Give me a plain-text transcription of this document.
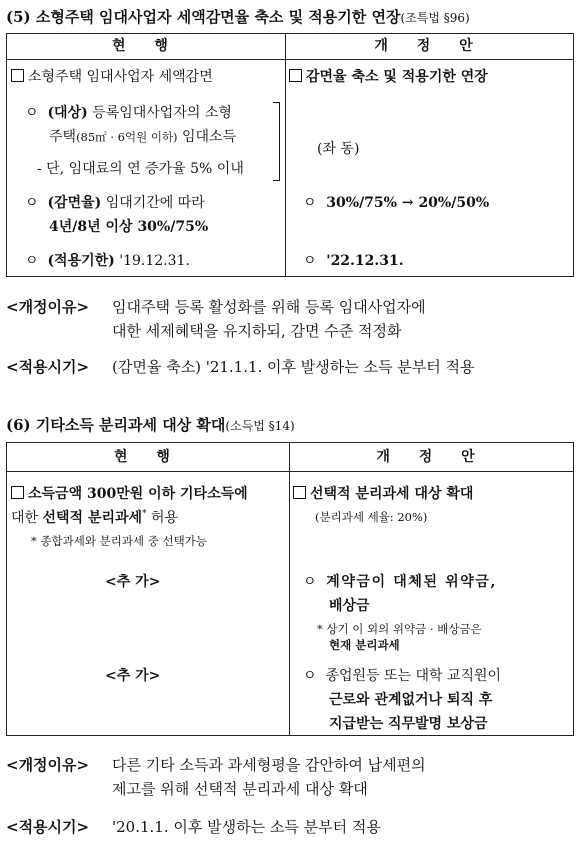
(5) 소형주택 임대사업자 세액감면율 축소 및 적용기한 연장(조특법 §96)
현 행	개 정 안
소형주택 임대사업자 세액감면
ㅇ (대상) 등록임대사업자의 소형
주택(85㎡ · 6억원 이하) 임대소득
- 단, 임대료의 연 증가율 5% 이내
ㅇ (감면율) 임대기간에 따라
4년/8년 이상 30%/75%
ㅇ (적용기한) '19.12.31.
감면율 축소 및 적용기한 연장
(좌 동)
ㅇ 30%/75% → 20%/50%
ㅇ '22.12.31.
<개정이유> 임대주택 등록 활성화를 위해 등록 임대사업자에
대한 세제혜택을 유지하되, 감면 수준 적정화
<적용시기> (감면율 축소) '21.1.1. 이후 발생하는 소득 분부터 적용
(6) 기타소득 분리과세 대상 확대(소득법 §14)
현 행	개 정 안
소득금액 300만원 이하 기타소득에
대한 선택적 분리과세* 허용
* 종합과세와 분리과세 중 선택가능
<추 가>
<추 가>
선택적 분리과세 대상 확대
(분리과세 세율: 20%)
ㅇ 계약금이 대체된 위약금,
배상금
* 상기 이 외의 위약금 · 배상금은
현재 분리과세
ㅇ 종업원등 또는 대학 교직원이
근로와 관계없거나 퇴직 후
지급받는 직무발명 보상금
<개정이유> 다른 기타 소득과 과세형평을 감안하여 납세편의
제고를 위해 선택적 분리과세 대상 확대
<적용시기> '20.1.1. 이후 발생하는 소득 분부터 적용
